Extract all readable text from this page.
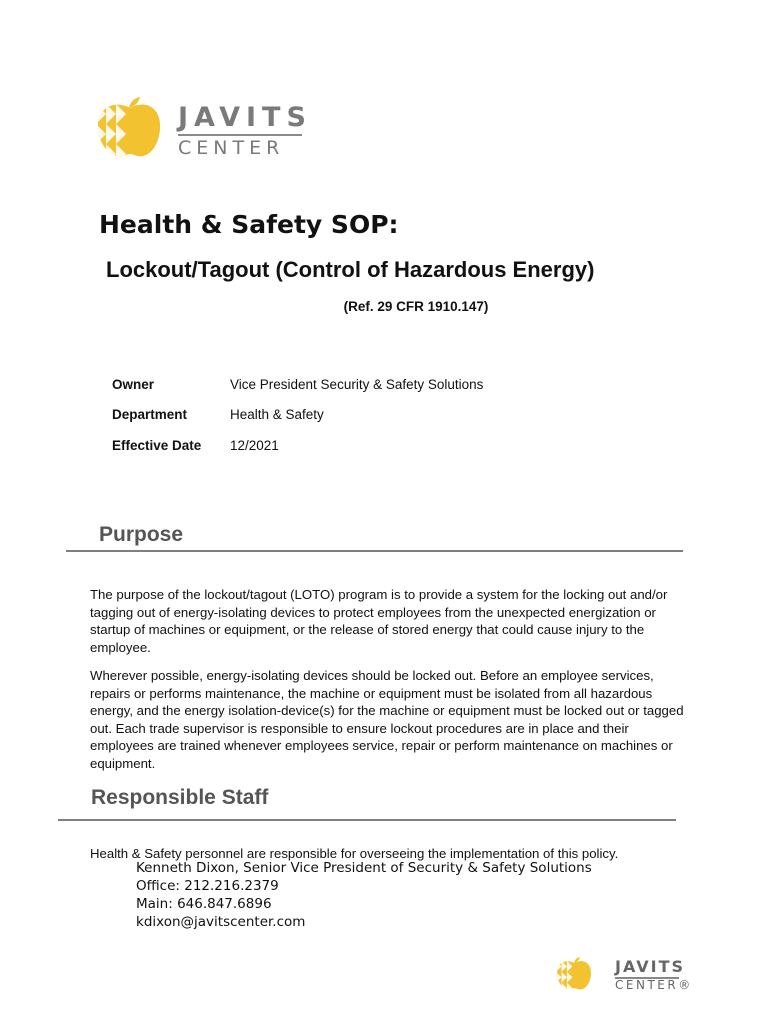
JAVITS
CENTER
Health & Safety SOP:
Lockout/Tagout (Control of Hazardous Energy)
(Ref. 29 CFR 1910.147)
Owner	Vice President Security & Safety Solutions
Department	Health & Safety
Effective Date 12/2021
Purpose
The purpose of the lockout/tagout (LOTO) program is to provide a system for the locking out and/or tagging out of energy-isolating devices to protect employees from the unexpected energization or startup of machines or equipment, or the release of stored energy that could cause injury to the employee.
Wherever possible, energy-isolating devices should be locked out. Before an employee services, repairs or performs maintenance, the machine or equipment must be isolated from all hazardous energy, and the energy isolation-device(s) for the machine or equipment must be locked out or tagged out. Each trade supervisor is responsible to ensure lockout procedures are in place and their employees are trained whenever employees service, repair or perform maintenance on machines or equipment.
Responsible Staff
Health & Safety personnel are responsible for overseeing the implementation of this policy.
Kenneth Dixon, Senior Vice President of Security & Safety Solutions
Office: 212.216.2379
Main: 646.847.6896
kdixon@javitscenter.com
JAVITS
CENTER®
